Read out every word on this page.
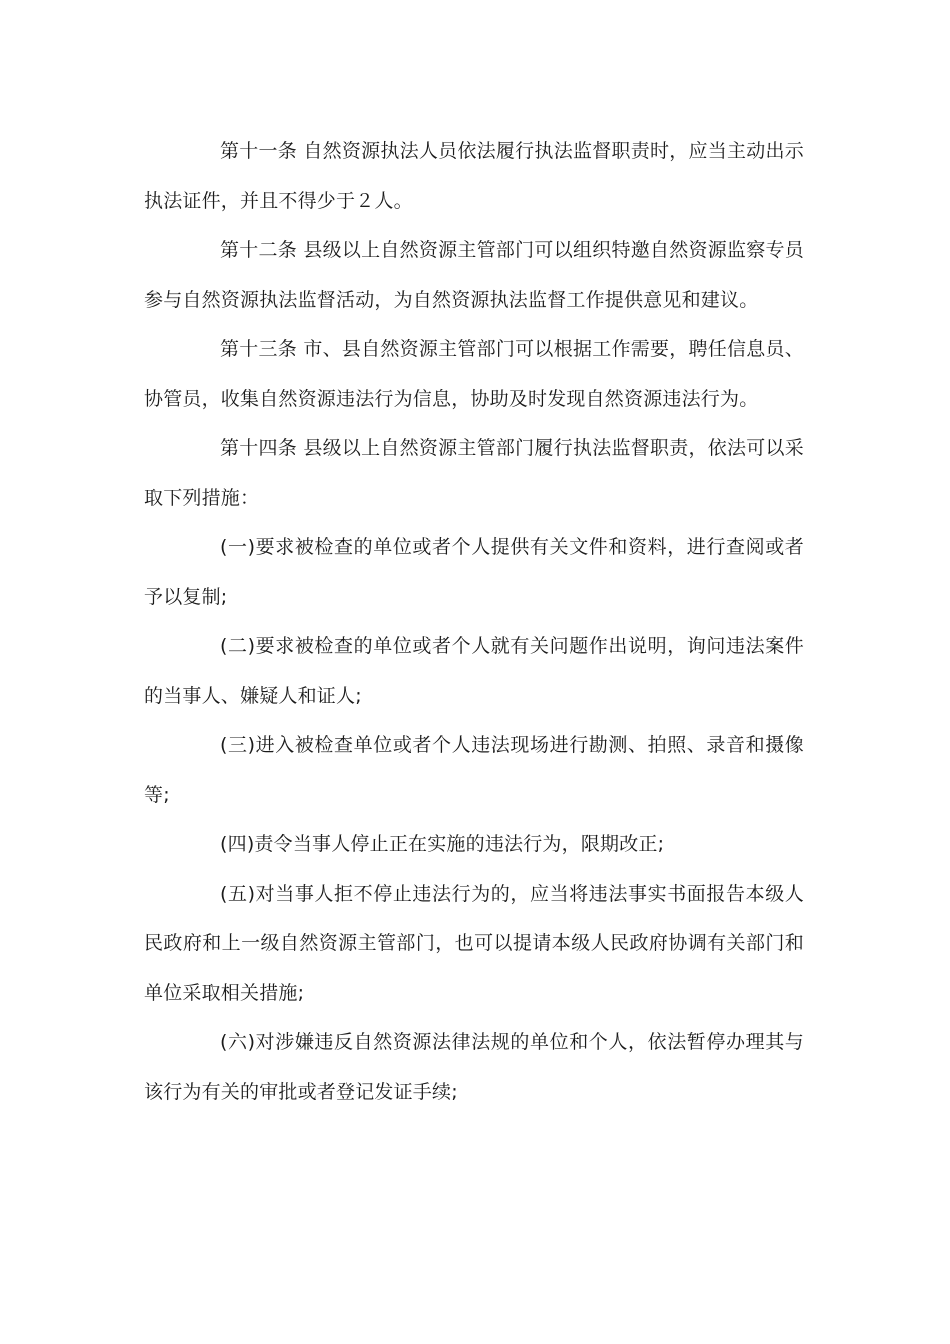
第十一条 自然资源执法人员依法履行执法监督职责时，应当主动出示执法证件，并且不得少于２人。

第十二条 县级以上自然资源主管部门可以组织特邀自然资源监察专员参与自然资源执法监督活动，为自然资源执法监督工作提供意见和建议。

第十三条 市、县自然资源主管部门可以根据工作需要，聘任信息员、协管员，收集自然资源违法行为信息，协助及时发现自然资源违法行为。

第十四条 县级以上自然资源主管部门履行执法监督职责，依法可以采取下列措施：

(一)要求被检查的单位或者个人提供有关文件和资料，进行查阅或者予以复制;

(二)要求被检查的单位或者个人就有关问题作出说明，询问违法案件的当事人、嫌疑人和证人;

(三)进入被检查单位或者个人违法现场进行勘测、拍照、录音和摄像等;

(四)责令当事人停止正在实施的违法行为，限期改正;

(五)对当事人拒不停止违法行为的，应当将违法事实书面报告本级人民政府和上一级自然资源主管部门，也可以提请本级人民政府协调有关部门和单位采取相关措施;

(六)对涉嫌违反自然资源法律法规的单位和个人，依法暂停办理其与该行为有关的审批或者登记发证手续;
